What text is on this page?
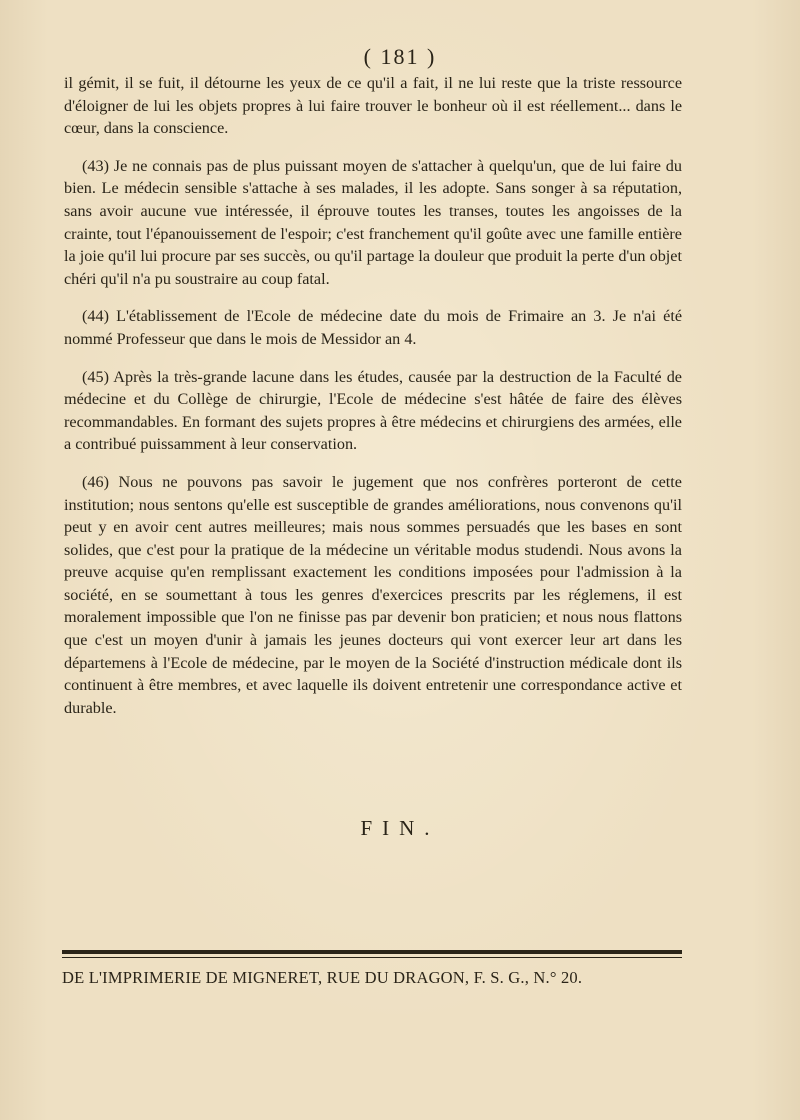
( 181 )

il gémit, il se fuit, il détourne les yeux de ce qu'il a fait, il ne lui reste que la triste ressource d'éloigner de lui les objets propres à lui faire trouver le bonheur où il est réellement... dans le cœur, dans la conscience.

(43) Je ne connais pas de plus puissant moyen de s'attacher à quelqu'un, que de lui faire du bien. Le médecin sensible s'attache à ses malades, il les adopte. Sans songer à sa réputation, sans avoir aucune vue intéressée, il éprouve toutes les transes, toutes les angoisses de la crainte, tout l'épanouissement de l'espoir; c'est franchement qu'il goûte avec une famille entière la joie qu'il lui procure par ses succès, ou qu'il partage la douleur que produit la perte d'un objet chéri qu'il n'a pu soustraire au coup fatal.

(44) L'établissement de l'Ecole de médecine date du mois de Frimaire an 3. Je n'ai été nommé Professeur que dans le mois de Messidor an 4.

(45) Après la très-grande lacune dans les études, causée par la destruction de la Faculté de médecine et du Collège de chirurgie, l'Ecole de médecine s'est hâtée de faire des élèves recommandables. En formant des sujets propres à être médecins et chirurgiens des armées, elle a contribué puissamment à leur conservation.

(46) Nous ne pouvons pas savoir le jugement que nos confrères porteront de cette institution; nous sentons qu'elle est susceptible de grandes améliorations, nous convenons qu'il peut y en avoir cent autres meilleures; mais nous sommes persuadés que les bases en sont solides, que c'est pour la pratique de la médecine un véritable modus studendi. Nous avons la preuve acquise qu'en remplissant exactement les conditions imposées pour l'admission à la société, en se soumettant à tous les genres d'exercices prescrits par les réglemens, il est moralement impossible que l'on ne finisse pas par devenir bon praticien; et nous nous flattons que c'est un moyen d'unir à jamais les jeunes docteurs qui vont exercer leur art dans les départemens à l'Ecole de médecine, par le moyen de la Société d'instruction médicale dont ils continuent à être membres, et avec laquelle ils doivent entretenir une correspondance active et durable.

FIN.
DE L'IMPRIMERIE DE MIGNERET, RUE DU DRAGON, F. S. G., N.° 20.
